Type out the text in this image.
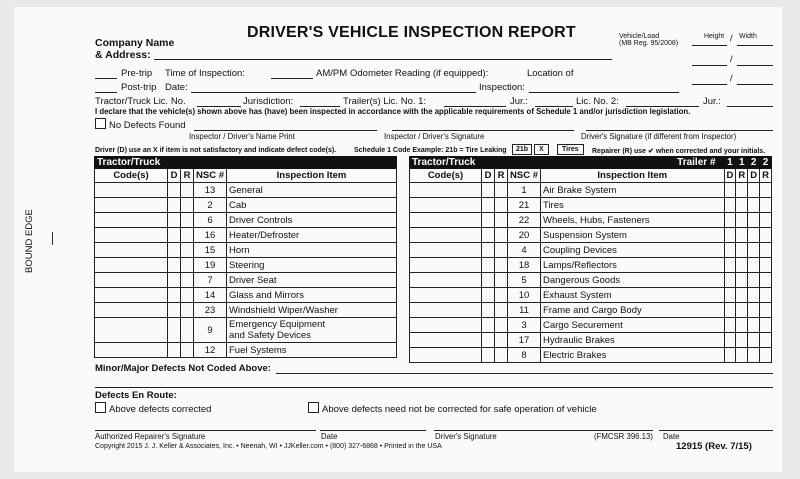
DRIVER'S VEHICLE INSPECTION REPORT
Company Name
& Address:
Vehicle/Load
(MB Reg. 95/2008)
Height Width
/
/
/
Pre-trip Time of Inspection:	AM/PM Odometer Reading (if equipped):	Location of
Post-trip Date:	Inspection:
Tractor/Truck Lic. No.	Jurisdiction:	Trailer(s) Lic. No. 1:	Jur.:	Lic. No. 2:	Jur.:
I declare that the vehicle(s) shown above has (have) been inspected in accordance with the applicable requirements of Schedule 1 and/or jurisdiction legislation.
No Defects Found
Inspector / Driver's Name Print	Inspector / Driver's Signature	Driver's Signature (if different from Inspector)
Driver (D) use an X if item is not satisfactory and indicate defect code(s).	Schedule 1 Code Example: 21b = Tire Leaking	21b	X	Tires	Repairer (R) use ✔ when corrected and your initials.
Tractor/Truck				
Code(s)	D	R	NSC #	Inspection Item
			13	General

			2	Cab

			6	Driver Controls

			16	Heater/Defroster

			15	Horn

			19	Steering

			7	Driver Seat

			14	Glass and Mirrors

			23	Windshield Wiper/Washer

			9	Emergency Equipment
and Safety Devices

			12	Fuel Systems
Tractor/Truck Trailer #					1	1	2	2
Code(s)	D	R	NSC #	Inspection Item	D	R	D	R
			1	Air Brake System				
			21	Tires				
			22	Wheels, Hubs, Fasteners				
			20	Suspension System				
			4	Coupling Devices				
			18	Lamps/Reflectors				
			5	Dangerous Goods				
			10	Exhaust System				
			11	Frame and Cargo Body				
			3	Cargo Securement				
			17	Hydraulic Brakes				
			8	Electric Brakes				
Minor/Major Defects Not Coded Above:
Defects En Route:
Above defects corrected	Above defects need not be corrected for safe operation of vehicle
Authorized Repairer's Signature	Date	Driver's Signature	(FMCSR 396.13) Date
Copyright 2015 J. J. Keller & Associates, Inc. • Neenah, WI • JJKeller.com • (800) 327-6868 • Printed in the USA	12915 (Rev. 7/15)
BOUND EDGE
